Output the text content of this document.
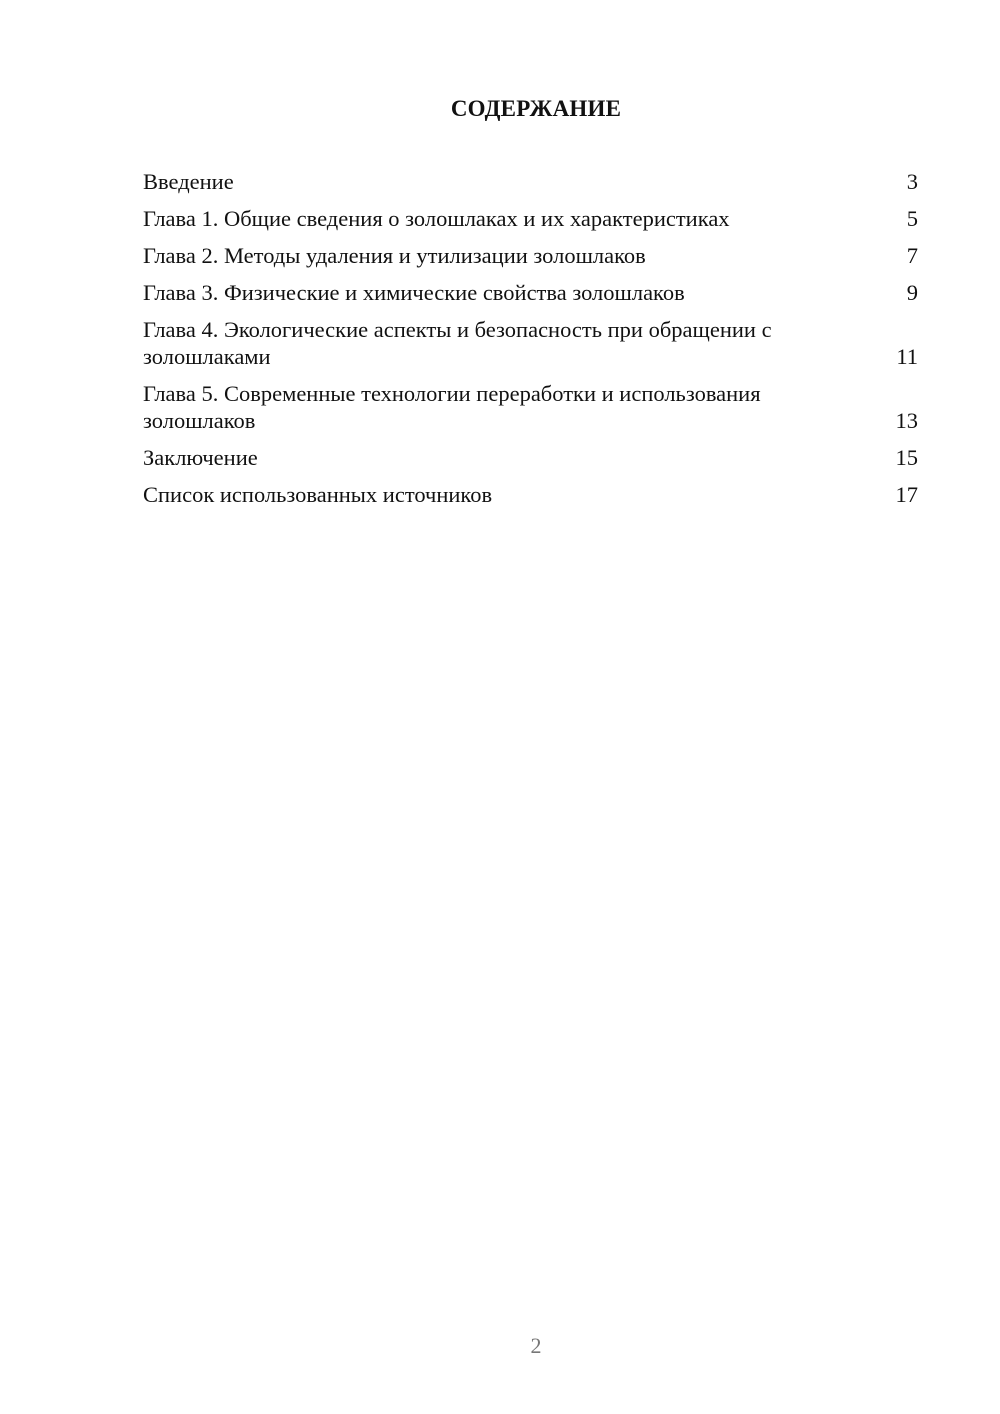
СОДЕРЖАНИЕ
Введение	3
Глава 1. Общие сведения о золошлаках и их характеристиках	5
Глава 2. Методы удаления и утилизации золошлаков	7
Глава 3. Физические и химические свойства золошлаков	9
Глава 4. Экологические аспекты и безопасность при обращении с золошлаками	11
Глава 5. Современные технологии переработки и использования золошлаков	13
Заключение	15
Список использованных источников	17
2
